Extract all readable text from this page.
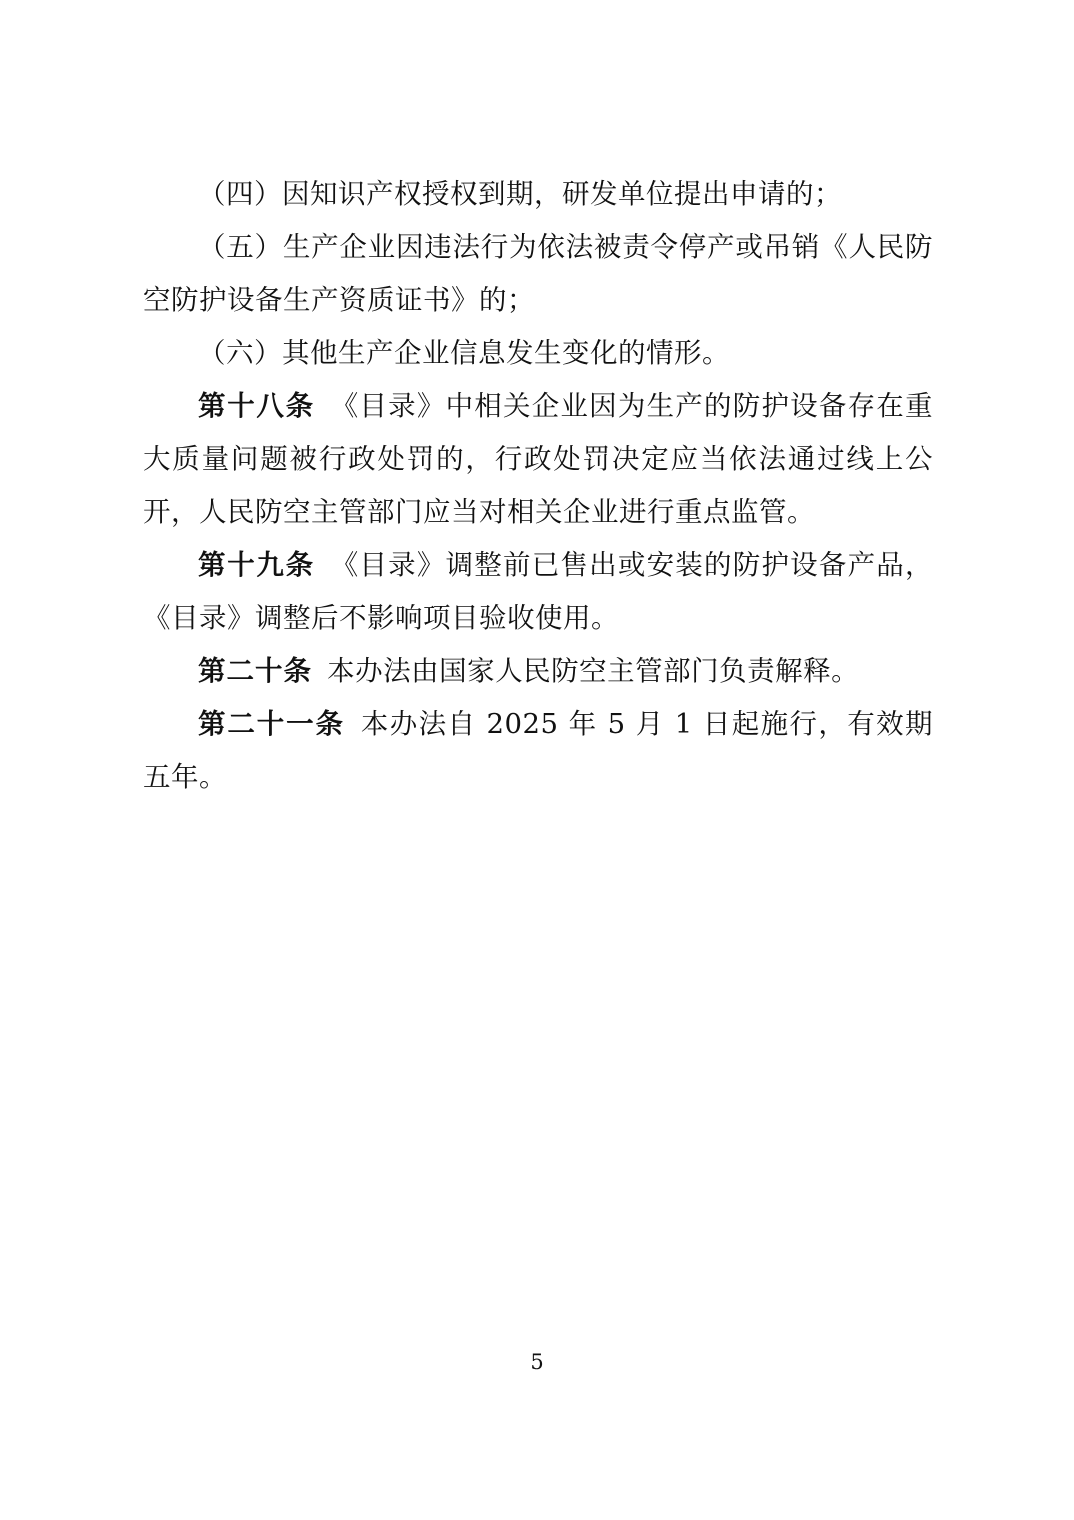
（四）因知识产权授权到期，研发单位提出申请的；

（五）生产企业因违法行为依法被责令停产或吊销《人民防空防护设备生产资质证书》的；

（六）其他生产企业信息发生变化的情形。

第十八条 《目录》中相关企业因为生产的防护设备存在重大质量问题被行政处罚的，行政处罚决定应当依法通过线上公开，人民防空主管部门应当对相关企业进行重点监管。

第十九条 《目录》调整前已售出或安装的防护设备产品，《目录》调整后不影响项目验收使用。

第二十条 本办法由国家人民防空主管部门负责解释。

第二十一条 本办法自 2025 年 5 月 1 日起施行，有效期五年。

5
